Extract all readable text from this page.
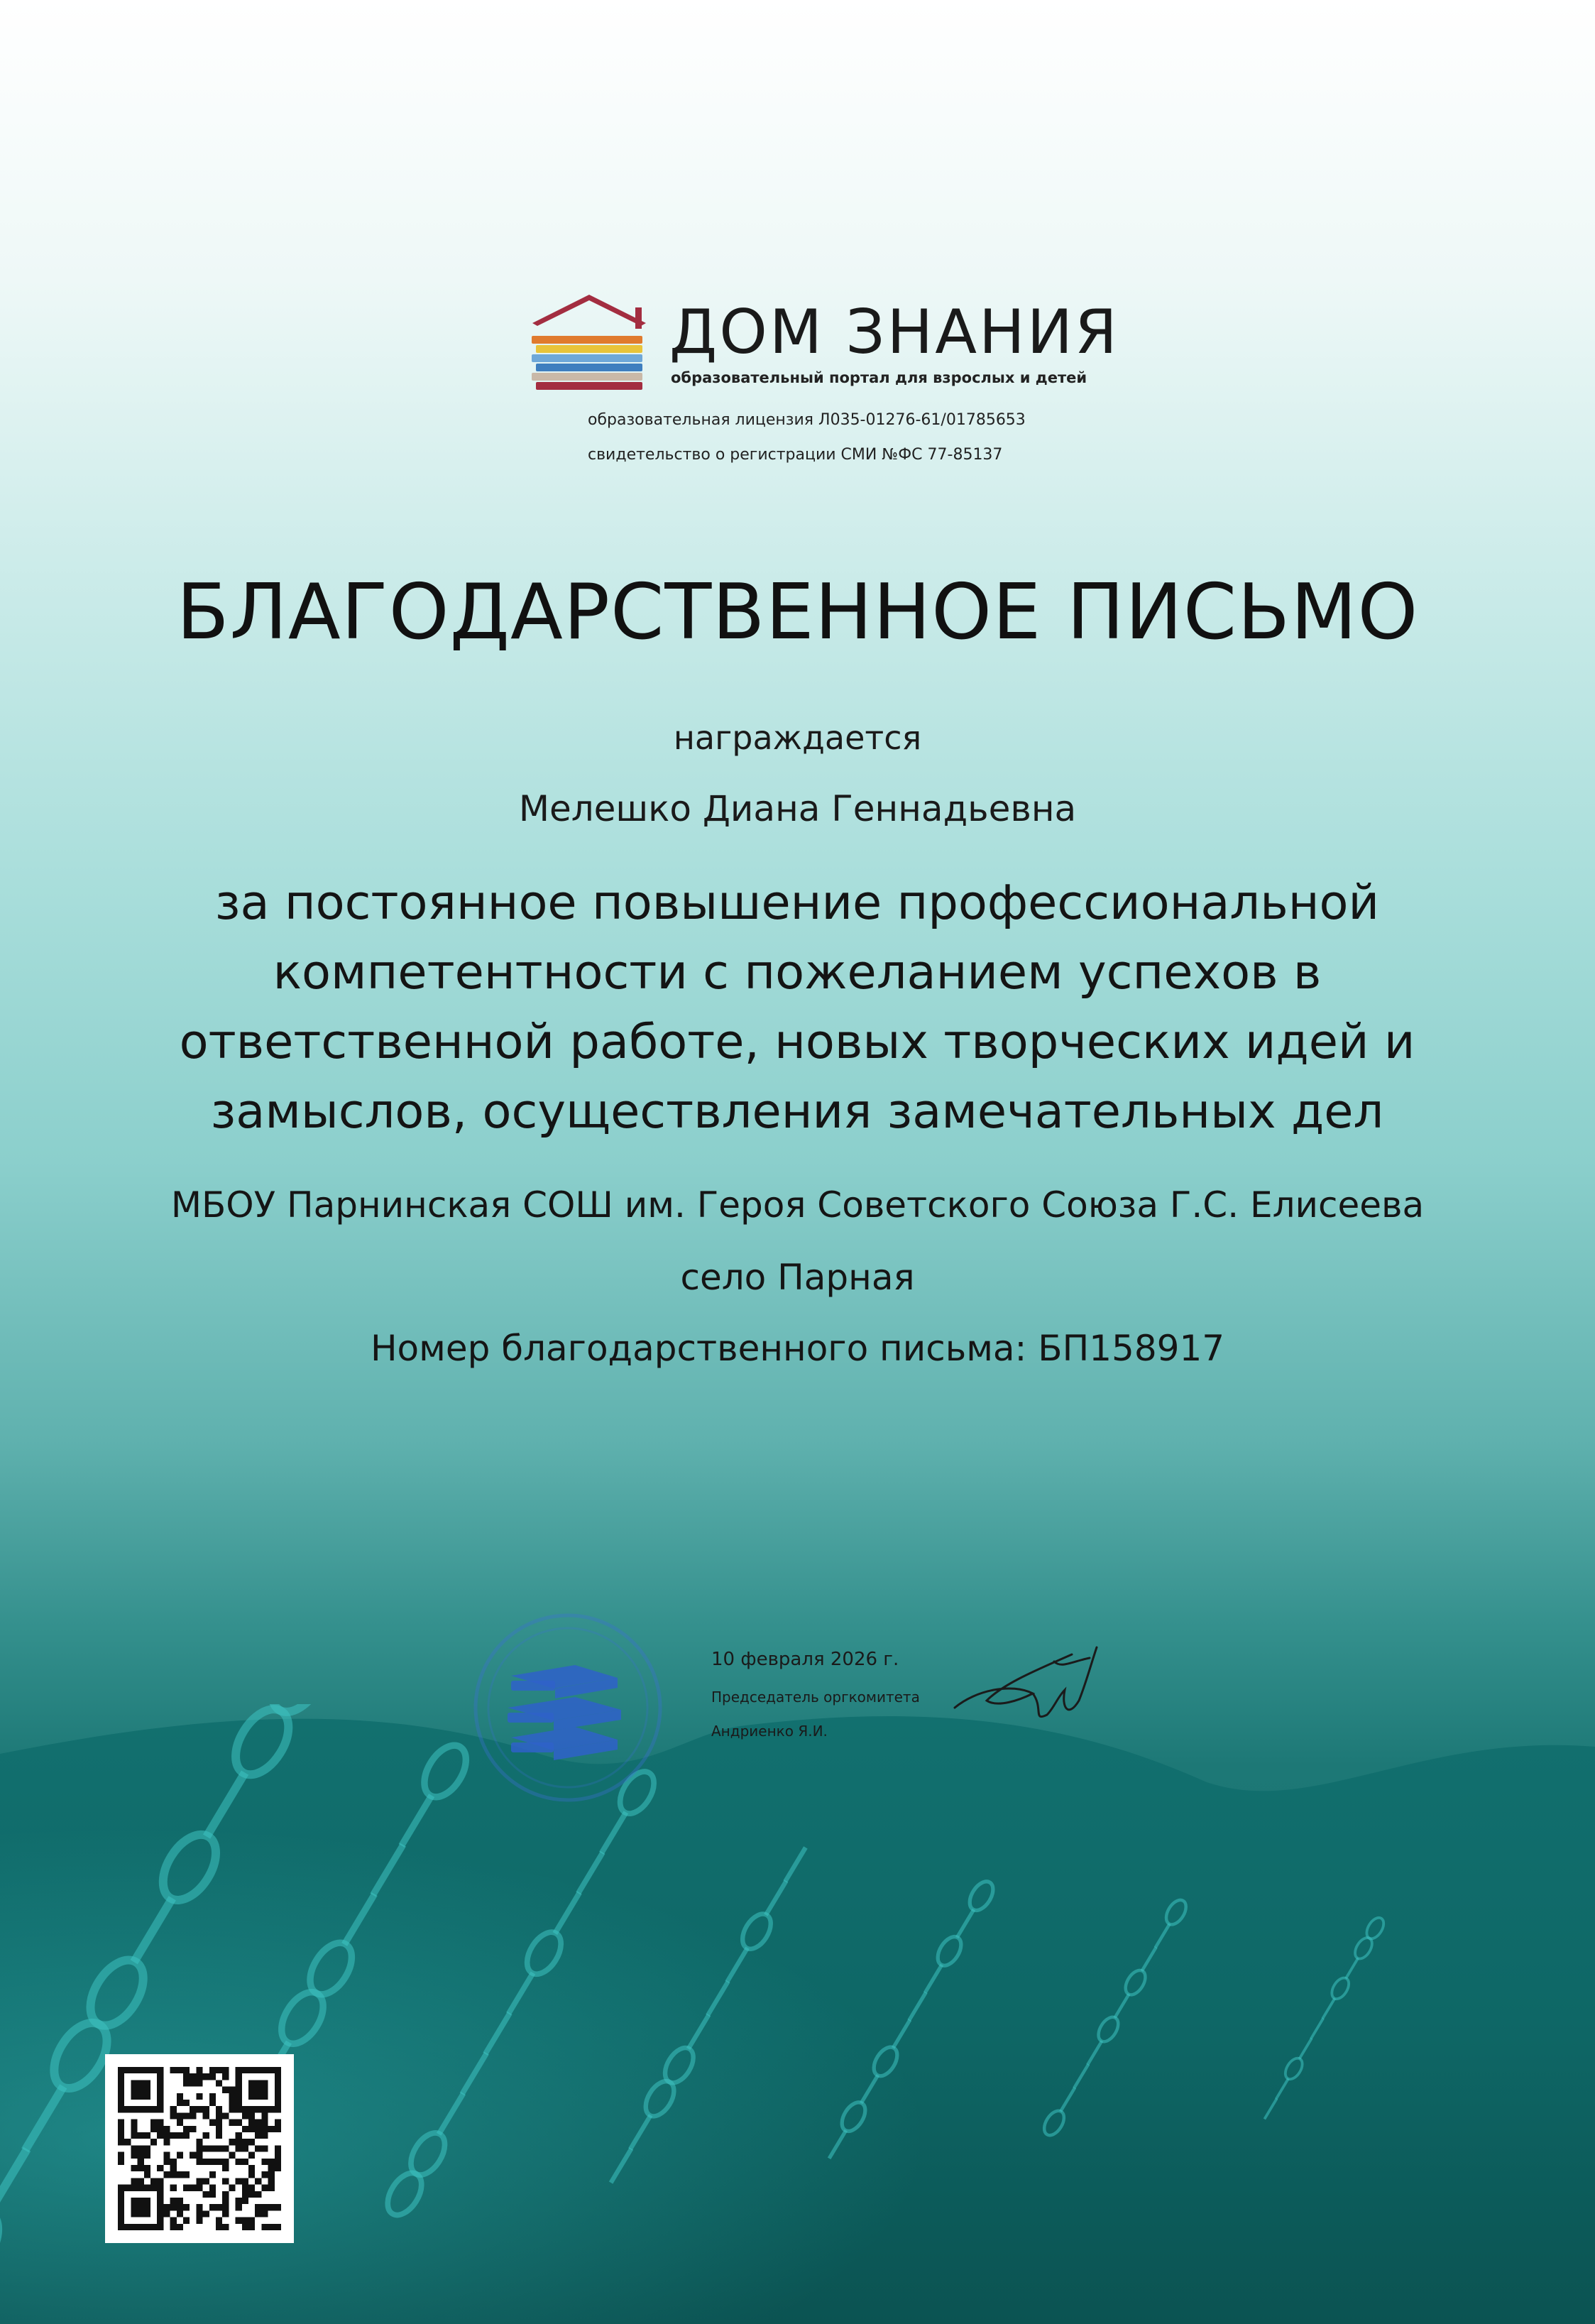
ДОМ ЗНАНИЯ
образовательный портал для взрослых и детей
образовательная лицензия Л035-01276-61/01785653
свидетельство о регистрации СМИ №ФС 77-85137
БЛАГОДАРСТВЕННОЕ ПИСЬМО
награждается
Мелешко Диана Геннадьевна
за постоянное повышение профессиональной
компетентности с пожеланием успехов в
ответственной работе, новых творческих идей и
замыслов, осуществления замечательных дел
МБОУ Парнинская СОШ им. Героя Советского Союза Г.С. Елисеева
село Парная
Номер благодарственного письма: БП158917
10 февраля 2026 г.
Председатель оргкомитета
Андриенко Я.И.
